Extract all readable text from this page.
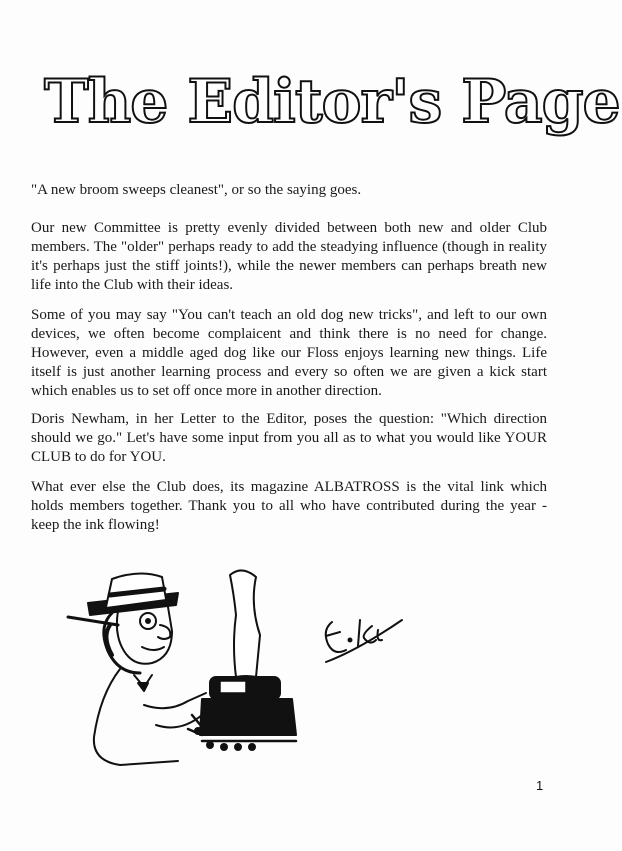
The Editor's Page

"A new broom sweeps cleanest", or so the saying goes.

Our new Committee is pretty evenly divided between both new and older Club members. The "older" perhaps ready to add the steadying influence (though in reality it's perhaps just the stiff joints!), while the newer members can perhaps breath new life into the Club with their ideas.

Some of you may say "You can't teach an old dog new tricks", and left to our own devices, we often become complaicent and think there is no need for change. However, even a middle aged dog like our Floss enjoys learning new things. Life itself is just another learning process and every so often we are given a kick start which enables us to set off once more in another direction.

Doris Newham, in her Letter to the Editor, poses the question: "Which direction should we go." Let's have some input from you all as to what you would like YOUR CLUB to do for YOU.

What ever else the Club does, its magazine ALBATROSS is the vital link which holds members together. Thank you to all who have contributed during the year - keep the ink flowing!

1
